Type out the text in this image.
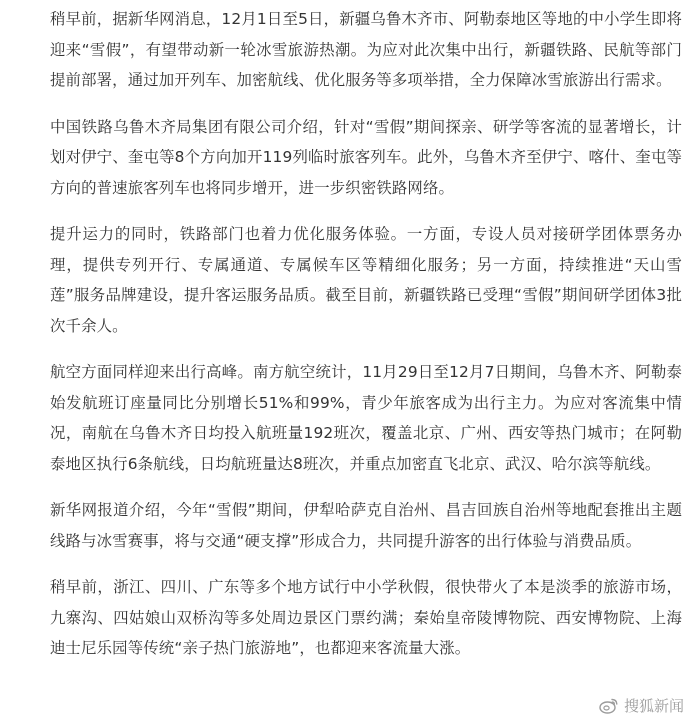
稍早前，据新华网消息，12月1日至5日，新疆乌鲁木齐市、阿勒泰地区等地的中小学生即将迎来“雪假”，有望带动新一轮冰雪旅游热潮。为应对此次集中出行，新疆铁路、民航等部门提前部署，通过加开列车、加密航线、优化服务等多项举措，全力保障冰雪旅游出行需求。

中国铁路乌鲁木齐局集团有限公司介绍，针对“雪假”期间探亲、研学等客流的显著增长，计划对伊宁、奎屯等8个方向加开119列临时旅客列车。此外，乌鲁木齐至伊宁、喀什、奎屯等方向的普速旅客列车也将同步增开，进一步织密铁路网络。

提升运力的同时，铁路部门也着力优化服务体验。一方面，专设人员对接研学团体票务办理，提供专列开行、专属通道、专属候车区等精细化服务；另一方面，持续推进“天山雪莲”服务品牌建设，提升客运服务品质。截至目前，新疆铁路已受理“雪假”期间研学团体3批次千余人。

航空方面同样迎来出行高峰。南方航空统计，11月29日至12月7日期间，乌鲁木齐、阿勒泰始发航班订座量同比分别增长51%和99%，青少年旅客成为出行主力。为应对客流集中情况，南航在乌鲁木齐日均投入航班量192班次，覆盖北京、广州、西安等热门城市；在阿勒泰地区执行6条航线，日均航班量达8班次，并重点加密直飞北京、武汉、哈尔滨等航线。

新华网报道介绍，今年“雪假”期间，伊犁哈萨克自治州、昌吉回族自治州等地配套推出主题线路与冰雪赛事，将与交通“硬支撑”形成合力，共同提升游客的出行体验与消费品质。

稍早前，浙江、四川、广东等多个地方试行中小学秋假，很快带火了本是淡季的旅游市场，九寨沟、四姑娘山双桥沟等多处周边景区门票约满；秦始皇帝陵博物院、西安博物院、上海迪士尼乐园等传统“亲子热门旅游地”，也都迎来客流量大涨。

搜狐新闻
